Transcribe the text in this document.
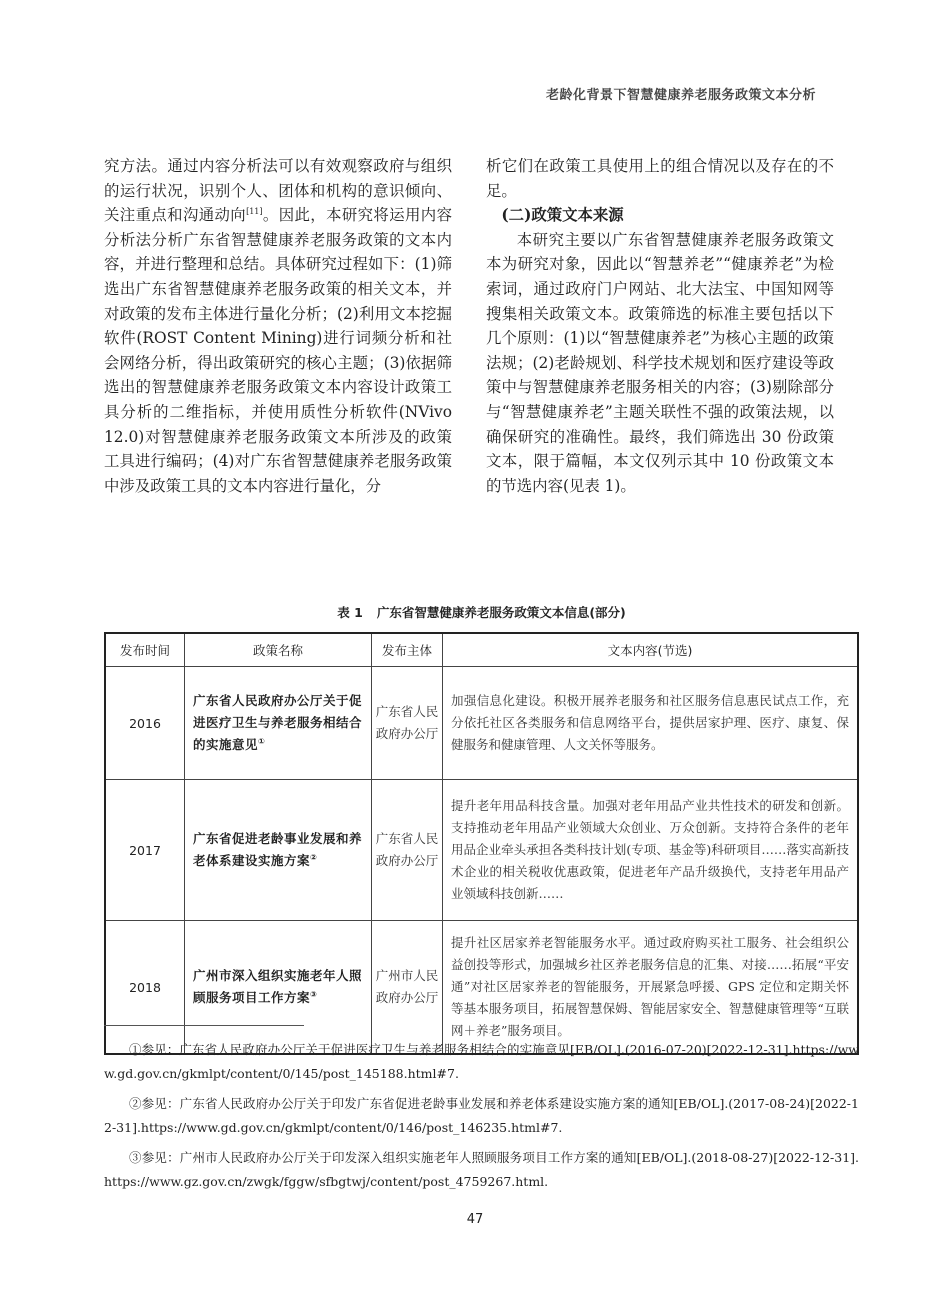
老龄化背景下智慧健康养老服务政策文本分析

究方法。通过内容分析法可以有效观察政府与组织的运行状况，识别个人、团体和机构的意识倾向、关注重点和沟通动向[11]。因此，本研究将运用内容分析法分析广东省智慧健康养老服务政策的文本内容，并进行整理和总结。具体研究过程如下：(1)筛选出广东省智慧健康养老服务政策的相关文本，并对政策的发布主体进行量化分析；(2)利用文本挖掘软件(ROST Content Mining)进行词频分析和社会网络分析，得出政策研究的核心主题；(3)依据筛选出的智慧健康养老服务政策文本内容设计政策工具分析的二维指标，并使用质性分析软件(NVivo 12.0)对智慧健康养老服务政策文本所涉及的政策工具进行编码；(4)对广东省智慧健康养老服务政策中涉及政策工具的文本内容进行量化，分

析它们在政策工具使用上的组合情况以及存在的不足。

(二)政策文本来源

本研究主要以广东省智慧健康养老服务政策文本为研究对象，因此以“智慧养老”“健康养老”为检索词，通过政府门户网站、北大法宝、中国知网等搜集相关政策文本。政策筛选的标准主要包括以下几个原则：(1)以“智慧健康养老”为核心主题的政策法规；(2)老龄规划、科学技术规划和医疗建设等政策中与智慧健康养老服务相关的内容；(3)剔除部分与“智慧健康养老”主题关联性不强的政策法规，以确保研究的准确性。最终，我们筛选出 30 份政策文本，限于篇幅，本文仅列示其中 10 份政策文本的节选内容(见表 1)。

表 1 广东省智慧健康养老服务政策文本信息(部分)
发布时间	政策名称	发布主体	文本内容(节选)
2016	广东省人民政府办公厅关于促进医疗卫生与养老服务相结合的实施意见①	广东省人民政府办公厅	加强信息化建设。积极开展养老服务和社区服务信息惠民试点工作，充分依托社区各类服务和信息网络平台，提供居家护理、医疗、康复、保健服务和健康管理、人文关怀等服务。
2017	广东省促进老龄事业发展和养老体系建设实施方案②	广东省人民政府办公厅	提升老年用品科技含量。加强对老年用品产业共性技术的研发和创新。支持推动老年用品产业领域大众创业、万众创新。支持符合条件的老年用品企业牵头承担各类科技计划(专项、基金等)科研项目……落实高新技术企业的相关税收优惠政策，促进老年产品升级换代，支持老年用品产业领域科技创新……
2018	广州市深入组织实施老年人照顾服务项目工作方案③	广州市人民政府办公厅	提升社区居家养老智能服务水平。通过政府购买社工服务、社会组织公益创投等形式，加强城乡社区养老服务信息的汇集、对接……拓展“平安通”对社区居家养老的智能服务，开展紧急呼援、GPS 定位和定期关怀等基本服务项目，拓展智慧保姆、智能居家安全、智慧健康管理等“互联网＋养老”服务项目。

①参见：广东省人民政府办公厅关于促进医疗卫生与养老服务相结合的实施意见[EB/OL].(2016-07-20)[2022-12-31].https://www.gd.gov.cn/gkmlpt/content/0/145/post_145188.html#7.

②参见：广东省人民政府办公厅关于印发广东省促进老龄事业发展和养老体系建设实施方案的通知[EB/OL].(2017-08-24)[2022-12-31].https://www.gd.gov.cn/gkmlpt/content/0/146/post_146235.html#7.

③参见：广州市人民政府办公厅关于印发深入组织实施老年人照顾服务项目工作方案的通知[EB/OL].(2018-08-27)[2022-12-31].https://www.gz.gov.cn/zwgk/fggw/sfbgtwj/content/post_4759267.html.

47
